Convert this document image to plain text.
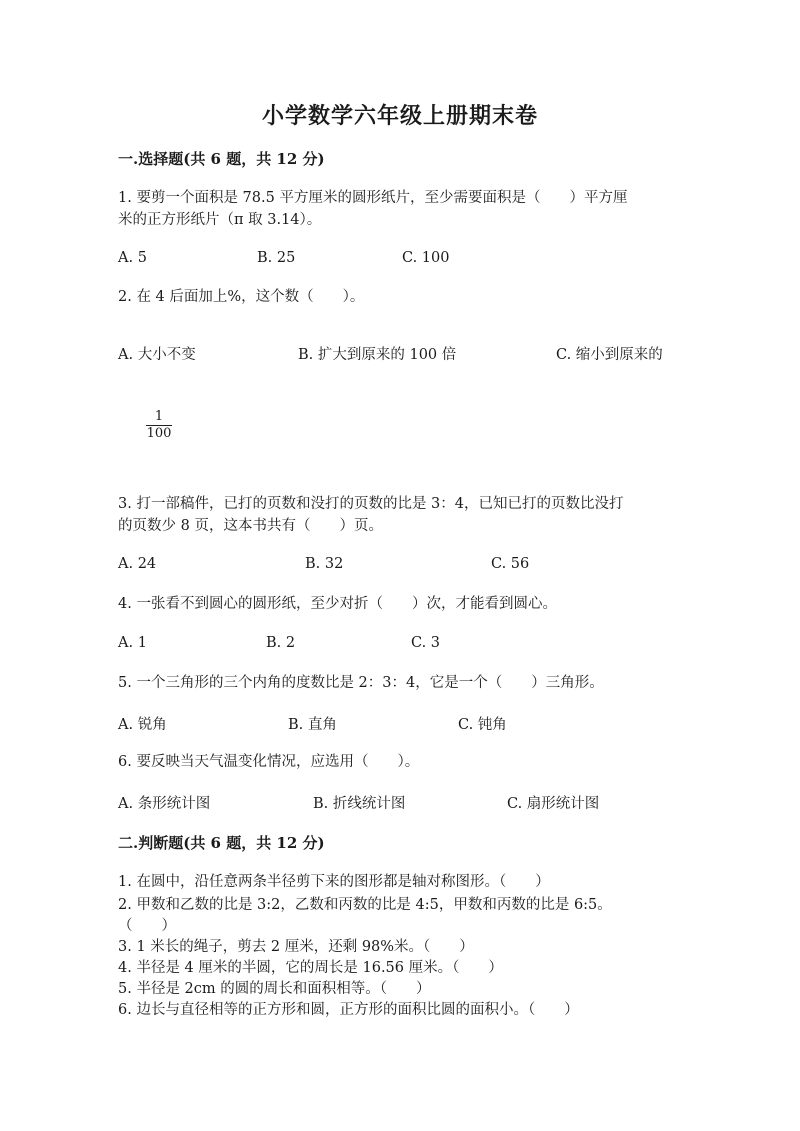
小学数学六年级上册期末卷
一.选择题(共 6 题，共 12 分)
1. 要剪一个面积是 78.5 平方厘米的圆形纸片，至少需要面积是（　　）平方厘
米的正方形纸片（π 取 3.14）。
A. 5	B. 25	C. 100
2. 在 4 后面加上%，这个数（　　）。
A. 大小不变	B. 扩大到原来的 100 倍	C. 缩小到原来的
1
100
3. 打一部稿件，已打的页数和没打的页数的比是 3：4，已知已打的页数比没打
的页数少 8 页，这本书共有（　　）页。
A. 24	B. 32	C. 56
4. 一张看不到圆心的圆形纸，至少对折（　　）次，才能看到圆心。
A. 1	B. 2	C. 3
5. 一个三角形的三个内角的度数比是 2：3：4，它是一个（　　）三角形。
A. 锐角	B. 直角	C. 钝角
6. 要反映当天气温变化情况，应选用（　　）。
A. 条形统计图	B. 折线统计图	C. 扇形统计图
二.判断题(共 6 题，共 12 分)
1. 在圆中，沿任意两条半径剪下来的图形都是轴对称图形。（　　）
2. 甲数和乙数的比是 3:2，乙数和丙数的比是 4:5，甲数和丙数的比是 6:5。
（　　）
3. 1 米长的绳子，剪去 2 厘米，还剩 98%米。（　　）
4. 半径是 4 厘米的半圆，它的周长是 16.56 厘米。（　　）
5. 半径是 2cm 的圆的周长和面积相等。（　　）
6. 边长与直径相等的正方形和圆，正方形的面积比圆的面积小。（　　）
